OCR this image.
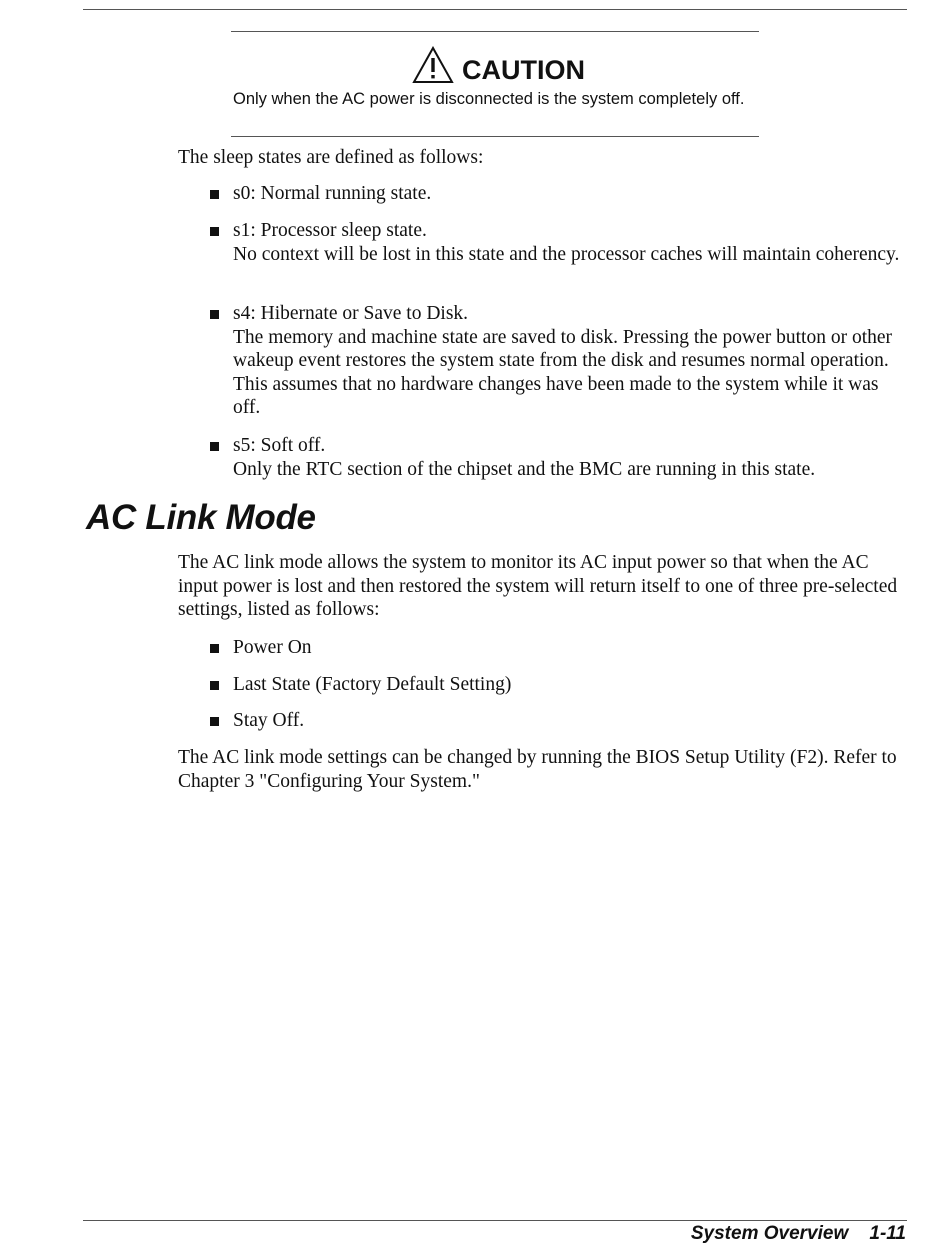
CAUTION
Only when the AC power is disconnected is the system completely off.
The sleep states are defined as follows:
s0: Normal running state.
s1: Processor sleep state.
No context will be lost in this state and the processor caches will maintain coherency.
s4: Hibernate or Save to Disk.
The memory and machine state are saved to disk. Pressing the power button or other wakeup event restores the system state from the disk and resumes normal operation. This assumes that no hardware changes have been made to the system while it was off.
s5: Soft off.
Only the RTC section of the chipset and the BMC are running in this state.
AC Link Mode
The AC link mode allows the system to monitor its AC input power so that when the AC input power is lost and then restored the system will return itself to one of three pre-selected settings, listed as follows:
Power On
Last State (Factory Default Setting)
Stay Off.
The AC link mode settings can be changed by running the BIOS Setup Utility (F2). Refer to Chapter 3 "Configuring Your System."
System Overview 1-11
